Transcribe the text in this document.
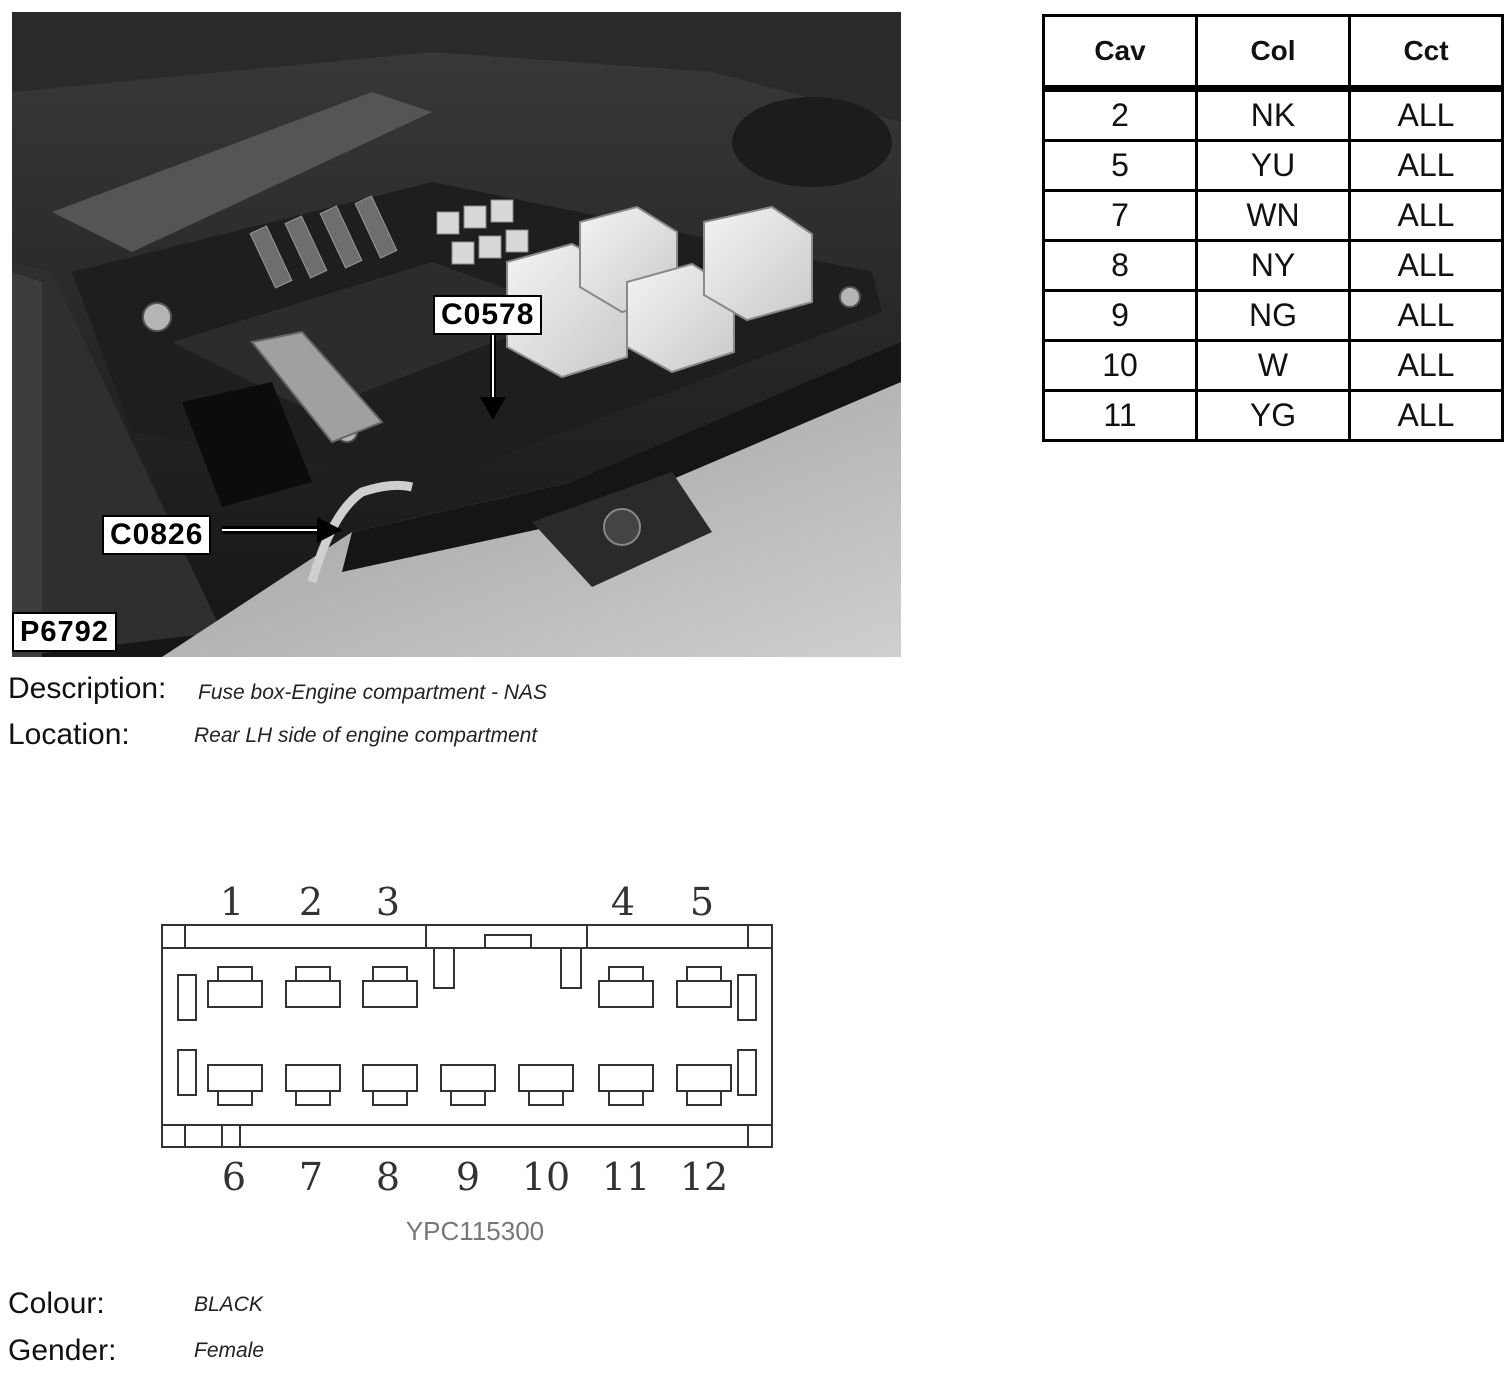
C0578
C0826
P6792
Description: Fuse box-Engine compartment - NAS
Location:	Rear LH side of engine compartment
Cav	Col	Cct
2	NK	ALL
5	YU	ALL
7	WN	ALL
8	NY	ALL
9	NG	ALL
10	W	ALL
11	YG	ALL
1 2 3	4 5
6 7 8 9 10 11 12
YPC115300
Colour:	BLACK
Gender:	Female
